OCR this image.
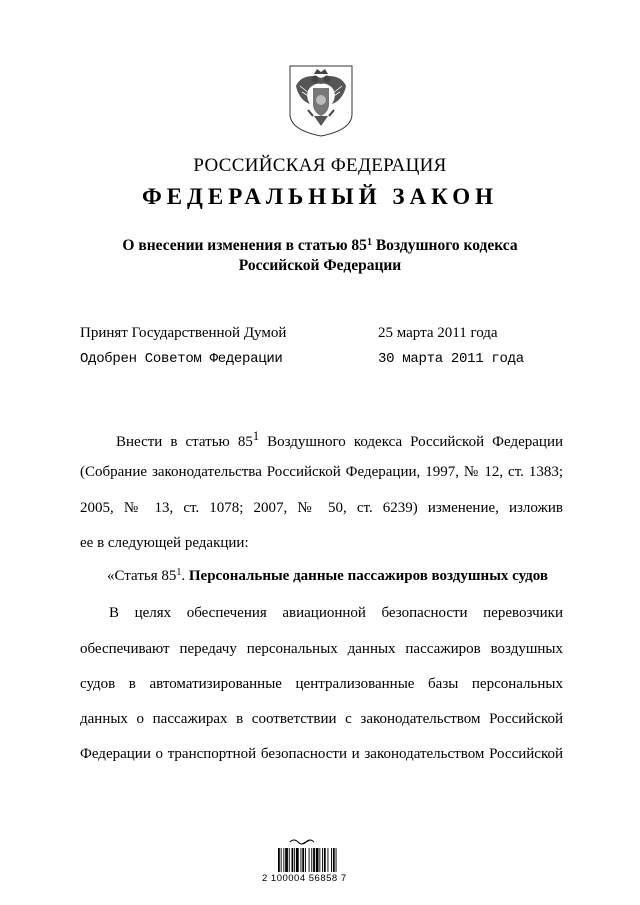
РОССИЙСКАЯ ФЕДЕРАЦИЯ
ФЕДЕРАЛЬНЫЙ ЗАКОН
О внесении изменения в статью $85^1$ Воздушного кодекса
Российской Федерации
Принят Государственной Думой	25 марта 2011 года
Одобрен Советом Федерации	30 марта 2011 года
Внести в статью $85^1$ Воздушного кодекса Российской Федерации
(Собрание законодательства Российской Федерации, 1997, № 12, ст. 1383;
2005, № 13, ст. 1078; 2007, № 50, ст. 6239) изменение, изложив
ее в следующей редакции:
«Статья $85^1$. Персональные данные пассажиров воздушных судов
В целях обеспечения авиационной безопасности перевозчики
обеспечивают передачу персональных данных пассажиров воздушных
судов в автоматизированные централизованные базы персональных
данных о пассажирах в соответствии с законодательством Российской
Федерации о транспортной безопасности и законодательством Российской
2 100004 56858 7
